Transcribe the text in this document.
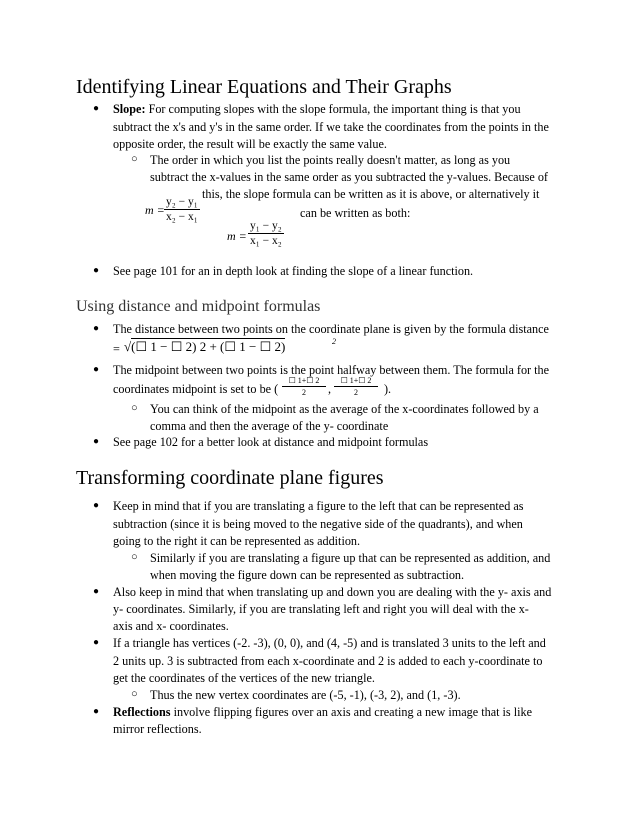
Identifying Linear Equations and Their Graphs
● Slope: For computing slopes with the slope formula, the important thing is that you
subtract the x's and y's in the same order. If we take the coordinates from the points in the
opposite order, the result will be exactly the same value.
○ The order in which you list the points really doesn't matter, as long as you
subtract the x-values in the same order as you subtracted the y-values. Because of
this, the slope formula can be written as it is above, or alternatively it
can be written as both:
$m = \frac{\text{y₂ − y₁}}{\text{x₂ − x₁}}$
$m = \frac{\text{y₁ − y₂}}{\text{x₁ − x₂}}$
● See page 101 for an in depth look at finding the slope of a linear function.
Using distance and midpoint formulas
● The distance between two points on the coordinate plane is given by the formula distance
= √(☐ 1 − ☐ 2) 2 + (☐ 1 − ☐ 2)	2
● The midpoint between two points is the point halfway between them. The formula for the
coordinates midpoint is set to be ( $\frac{☐ 1+☐ 2}{2}$ , $\frac{☐ 1+☐ 2}{2}$ ).
○ You can think of the midpoint as the average of the x-coordinates followed by a
comma and then the average of the y- coordinate
● See page 102 for a better look at distance and midpoint formulas
Transforming coordinate plane figures
● Keep in mind that if you are translating a figure to the left that can be represented as
subtraction (since it is being moved to the negative side of the quadrants), and when
going to the right it can be represented as addition.
○ Similarly if you are translating a figure up that can be represented as addition, and
when moving the figure down can be represented as subtraction.
● Also keep in mind that when translating up and down you are dealing with the y- axis and
y- coordinates. Similarly, if you are translating left and right you will deal with the x-
axis and x- coordinates.
● If a triangle has vertices (-2. -3), (0, 0), and (4, -5) and is translated 3 units to the left and
2 units up. 3 is subtracted from each x-coordinate and 2 is added to each y-coordinate to
get the coordinates of the vertices of the new triangle.
○ Thus the new vertex coordinates are (-5, -1), (-3, 2), and (1, -3).
● Reflections involve flipping figures over an axis and creating a new image that is like
mirror reflections.
